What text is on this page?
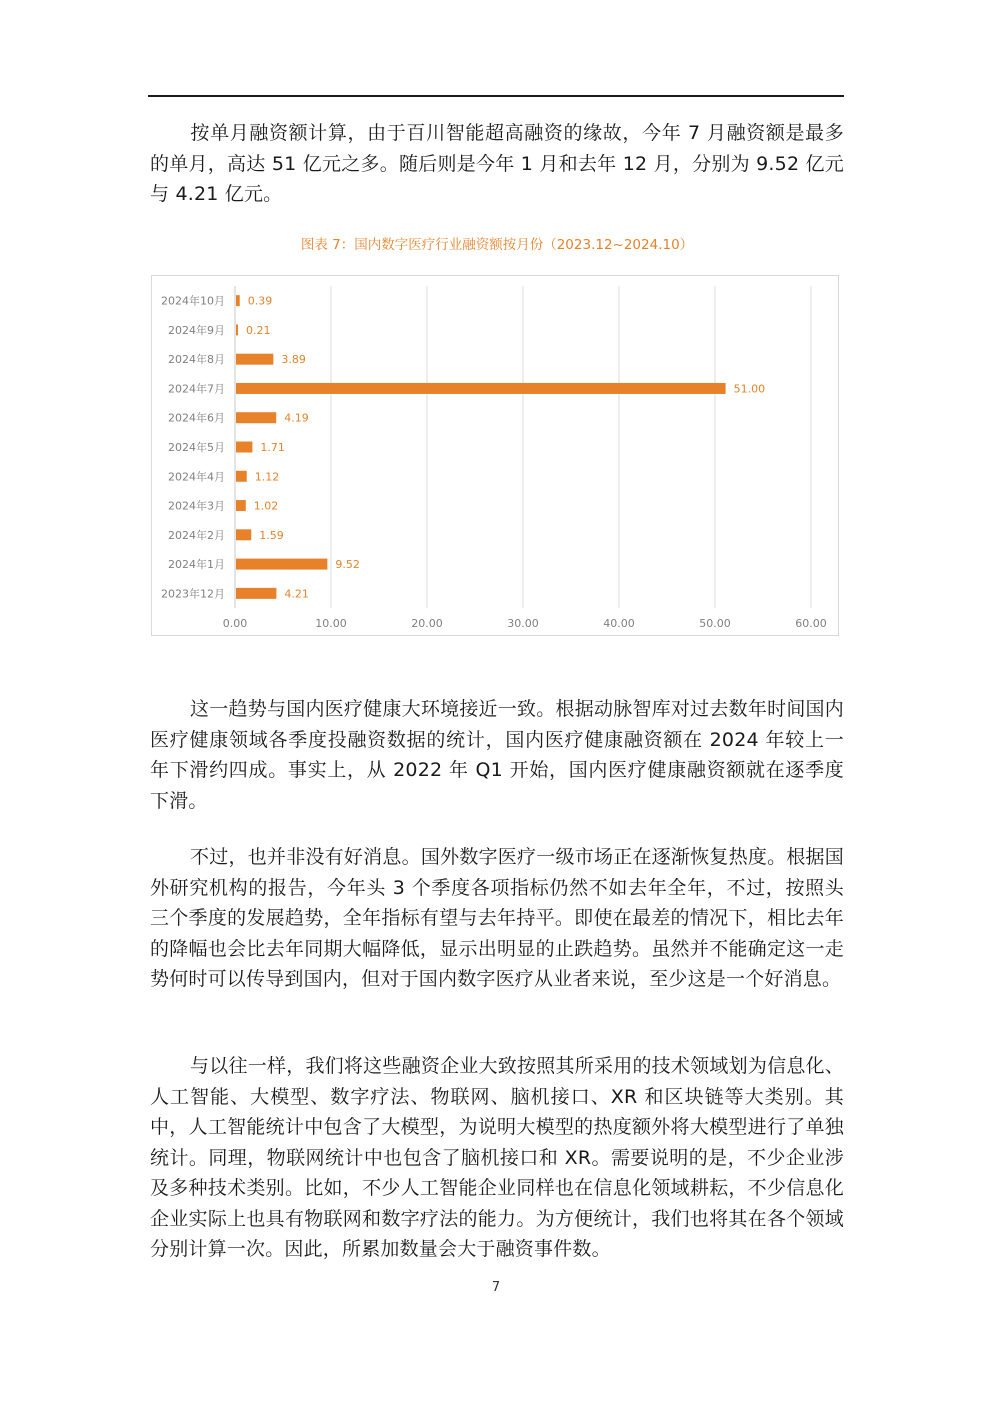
按单月融资额计算，由于百川智能超高融资的缘故，今年 7 月融资额是最多的单月，高达 51 亿元之多。随后则是今年 1 月和去年 12 月，分别为 9.52 亿元与 4.21 亿元。

图表 7：国内数字医疗行业融资额按月份（2023.12~2024.10）
0.00	10.00	20.00	30.00	40.00	50.00	60.00
2024年10月 0.39
2024年9月 0.21
2024年8月	3.89
2024年7月	51.00
2024年6月	4.19
2024年5月	1.71
2024年4月	1.12
2024年3月	1.02
2024年2月	1.59
2024年1月	9.52
2023年12月	4.21

这一趋势与国内医疗健康大环境接近一致。根据动脉智库对过去数年时间国内医疗健康领域各季度投融资数据的统计，国内医疗健康融资额在 2024 年较上一年下滑约四成。事实上，从 2022 年 Q1 开始，国内医疗健康融资额就在逐季度下滑。

不过，也并非没有好消息。国外数字医疗一级市场正在逐渐恢复热度。根据国外研究机构的报告，今年头 3 个季度各项指标仍然不如去年全年，不过，按照头三个季度的发展趋势，全年指标有望与去年持平。即使在最差的情况下，相比去年的降幅也会比去年同期大幅降低，显示出明显的止跌趋势。虽然并不能确定这一走势何时可以传导到国内，但对于国内数字医疗从业者来说，至少这是一个好消息。

与以往一样，我们将这些融资企业大致按照其所采用的技术领域划为信息化、人工智能、大模型、数字疗法、物联网、脑机接口、XR 和区块链等大类别。其中，人工智能统计中包含了大模型，为说明大模型的热度额外将大模型进行了单独统计。同理，物联网统计中也包含了脑机接口和 XR。需要说明的是，不少企业涉及多种技术类别。比如，不少人工智能企业同样也在信息化领域耕耘，不少信息化企业实际上也具有物联网和数字疗法的能力。为方便统计，我们也将其在各个领域分别计算一次。因此，所累加数量会大于融资事件数。

7
